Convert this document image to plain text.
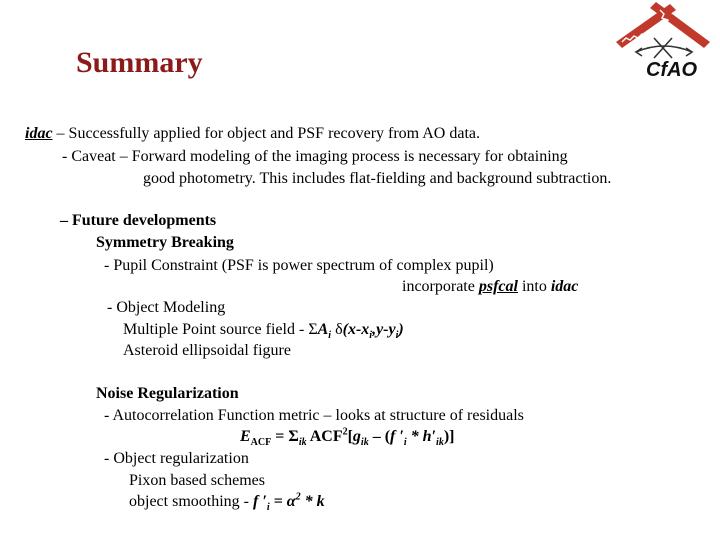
Summary	CfAO
idac – Successfully applied for object and PSF recovery from AO data.
- Caveat – Forward modeling of the imaging process is necessary for obtaining
good photometry. This includes flat-fielding and background subtraction.
– Future developments
Symmetry Breaking
- Pupil Constraint (PSF is power spectrum of complex pupil)
incorporate psfcal into idac
- Object Modeling
Multiple Point source field - $\Sigma A_i$ $\delta(x-x_i,y-y_i)$
Asteroid ellipsoidal figure
Noise Regularization
- Autocorrelation Function metric – looks at structure of residuals
$E_{ACF} = \Sigma_{ik}$ $ACF^2[g_{ik} - (f$ $'_i * h'_{ik}$)]
- Object regularization
Pixon based schemes
object smoothing - f $'_i = \alpha^2 * k$
